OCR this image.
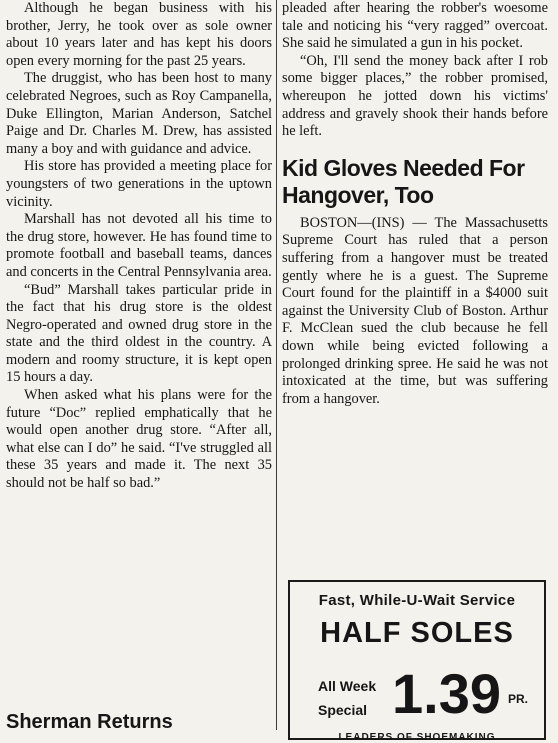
Although he began business with his brother, Jerry, he took over as sole owner about 10 years later and has kept his doors open every morning for the past 25 years.

The druggist, who has been host to many celebrated Negroes, such as Roy Campanella, Duke Ellington, Marian Anderson, Satchel Paige and Dr. Charles M. Drew, has assisted many a boy and with guidance and advice.

His store has provided a meeting place for youngsters of two generations in the uptown vicinity.

Marshall has not devoted all his time to the drug store, however. He has found time to promote football and baseball teams, dances and concerts in the Central Pennsylvania area.

“Bud” Marshall takes particular pride in the fact that his drug store is the oldest Negro-operated and owned drug store in the state and the third oldest in the country. A modern and roomy structure, it is kept open 15 hours a day.

When asked what his plans were for the future “Doc” replied emphatically that he would open another drug store. “After all, what else can I do” he said. “I've struggled all these 35 years and made it. The next 35 should not be half so bad.”

Sherman Returns

pleaded after hearing the robber's woesome tale and noticing his “very ragged” overcoat. She said he simulated a gun in his pocket.

“Oh, I'll send the money back after I rob some bigger places,” the robber promised, whereupon he jotted down his victims' address and gravely shook their hands before he left.

Kid Gloves Needed For Hangover, Too

BOSTON—(INS) — The Massachusetts Supreme Court has ruled that a person suffering from a hangover must be treated gently where he is a guest. The Supreme Court found for the plaintiff in a $4000 suit against the University Club of Boston. Arthur F. McClean sued the club because he fell down while being evicted following a prolonged drinking spree. He said he was not intoxicated at the time, but was suffering from a hangover.

Fast, While-U-Wait Service
HALF SOLES
All Week
Special 1.39 PR.
LEADERS OF SHOEMAKING
